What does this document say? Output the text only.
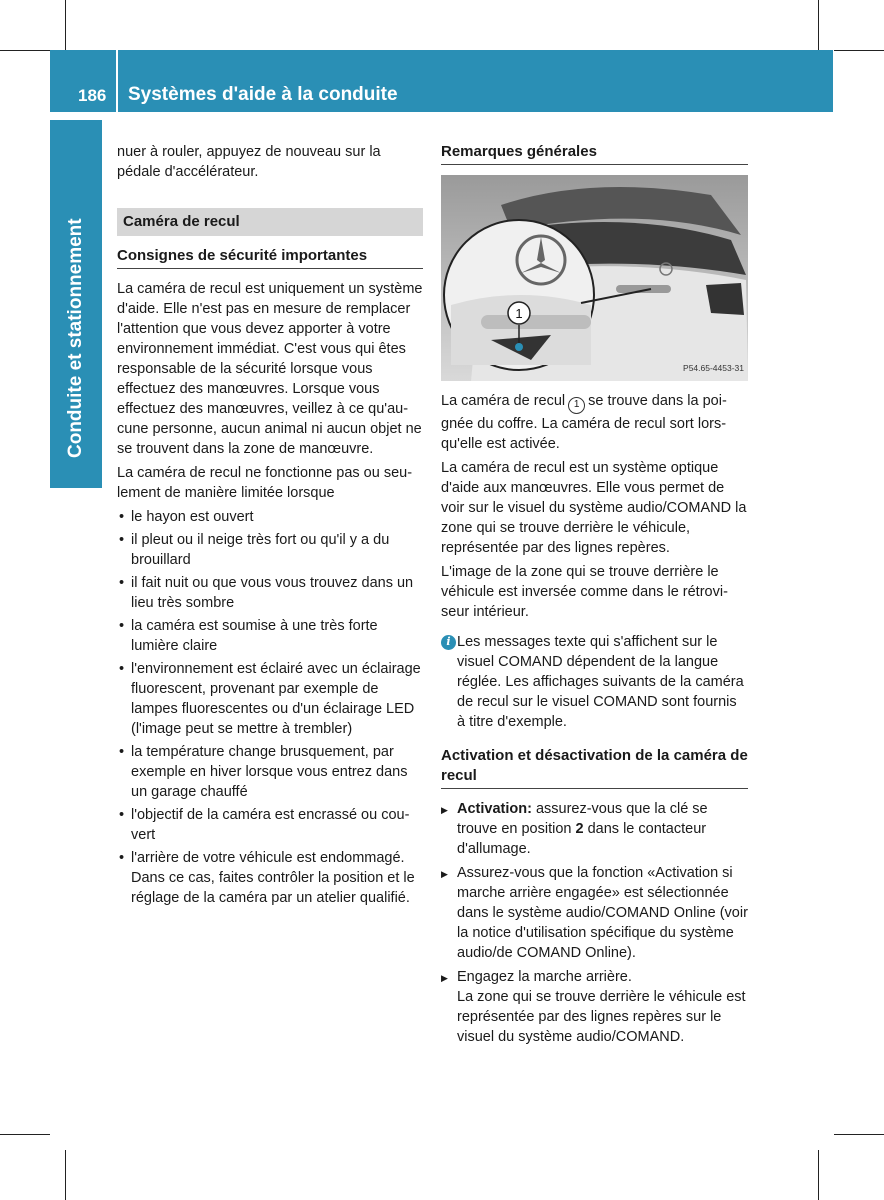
186 Systèmes d'aide à la conduite
Conduite et stationnement

nuer à rouler, appuyez de nouveau sur la pédale d'accélérateur.

Caméra de recul
Consignes de sécurité importantes

La caméra de recul est uniquement un système d'aide. Elle n'est pas en mesure de remplacer l'attention que vous devez apporter à votre environnement immédiat. C'est vous qui êtes responsable de la sécurité lorsque vous effectuez des manœuvres. Lorsque vous effectuez des manœuvres, veillez à ce qu'aucune personne, aucun animal ni aucun objet ne se trouvent dans la zone de manœuvre.

La caméra de recul ne fonctionne pas ou seulement de manière limitée lorsque

• le hayon est ouvert
• il pleut ou il neige très fort ou qu'il y a du brouillard
• il fait nuit ou que vous vous trouvez dans un lieu très sombre
• la caméra est soumise à une très forte lumière claire
• l'environnement est éclairé avec un éclairage fluorescent, provenant par exemple de lampes fluorescentes ou d'un éclairage LED (l'image peut se mettre à trembler)
• la température change brusquement, par exemple en hiver lorsque vous entrez dans un garage chauffé
• l'objectif de la caméra est encrassé ou couvert
• l'arrière de votre véhicule est endommagé. Dans ce cas, faites contrôler la position et le réglage de la caméra par un atelier qualifié.
Remarques générales
1
P54.65-4453-31

La caméra de recul 1 se trouve dans la poignée du coffre. La caméra de recul sort lorsqu'elle est activée.

La caméra de recul est un système optique d'aide aux manœuvres. Elle vous permet de voir sur le visuel du système audio/COMAND la zone qui se trouve derrière le véhicule, représentée par des lignes repères.

L'image de la zone qui se trouve derrière le véhicule est inversée comme dans le rétroviseur intérieur.

i Les messages texte qui s'affichent sur le visuel COMAND dépendent de la langue réglée. Les affichages suivants de la caméra de recul sur le visuel COMAND sont fournis à titre d'exemple.
Activation et désactivation de la caméra de recul
▶ Activation: assurez-vous que la clé se trouve en position 2 dans le contacteur d'allumage.
▶ Assurez-vous que la fonction «Activation si marche arrière engagée» est sélectionnée dans le système audio/COMAND Online (voir la notice d'utilisation spécifique du système audio/de COMAND Online).
▶ Engagez la marche arrière.
La zone qui se trouve derrière le véhicule est représentée par des lignes repères sur le visuel du système audio/COMAND.
